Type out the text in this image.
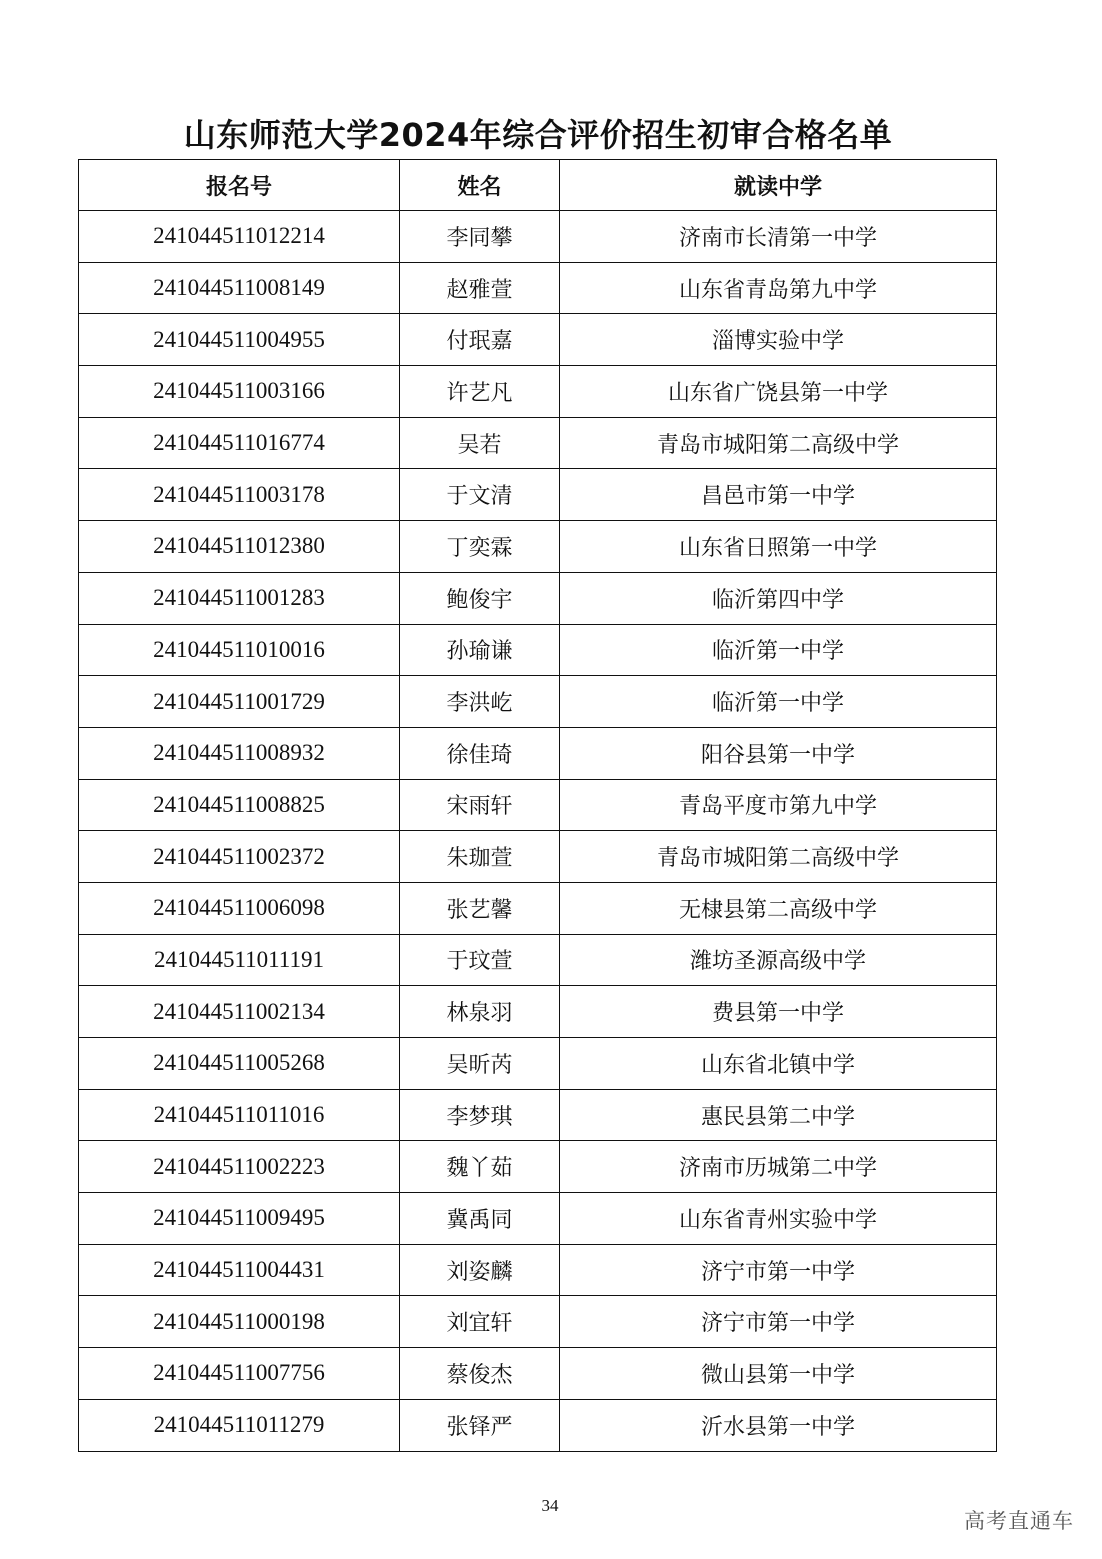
山东师范大学2024年综合评价招生初审合格名单
报名号	姓名	就读中学
241044511012214	李同攀	济南市长清第一中学
241044511008149	赵雅萱	山东省青岛第九中学
241044511004955	付珉嘉	淄博实验中学
241044511003166	许艺凡	山东省广饶县第一中学
241044511016774	吴若	青岛市城阳第二高级中学
241044511003178	于文清	昌邑市第一中学
241044511012380	丁奕霖	山东省日照第一中学
241044511001283	鲍俊宇	临沂第四中学
241044511010016	孙瑜谦	临沂第一中学
241044511001729	李洪屹	临沂第一中学
241044511008932	徐佳琦	阳谷县第一中学
241044511008825	宋雨轩	青岛平度市第九中学
241044511002372	朱珈萱	青岛市城阳第二高级中学
241044511006098	张艺馨	无棣县第二高级中学
241044511011191	于玟萱	潍坊圣源高级中学
241044511002134	林泉羽	费县第一中学
241044511005268	吴昕芮	山东省北镇中学
241044511011016	李梦琪	惠民县第二中学
241044511002223	魏丫茹	济南市历城第二中学
241044511009495	冀禹同	山东省青州实验中学
241044511004431	刘姿麟	济宁市第一中学
241044511000198	刘宜轩	济宁市第一中学
241044511007756	蔡俊杰	微山县第一中学
241044511011279	张铎严	沂水县第一中学
34
高考直通车
